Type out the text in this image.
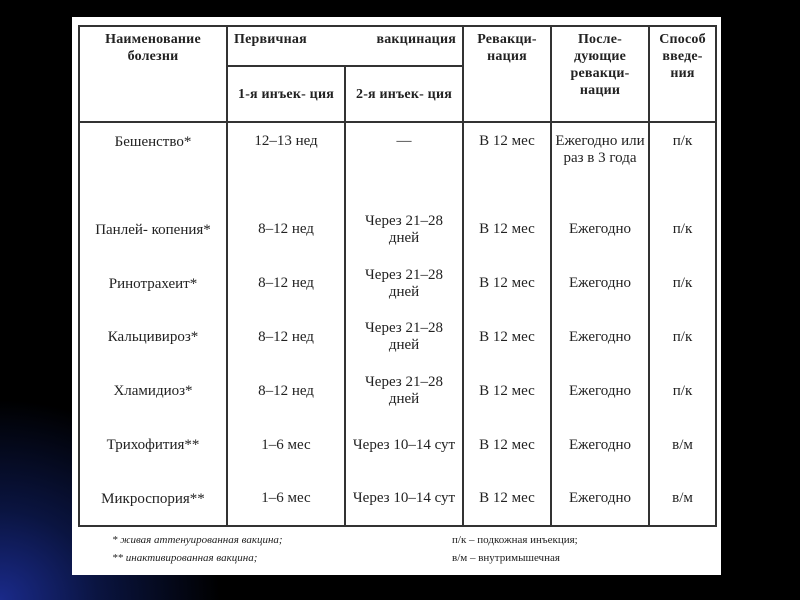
Наименование болезни	Первичная вакцинация		Ревакци- нация	После- дующие ревакци- нации	Способ введе- ния
	1-я инъек- ция	2-я инъек- ция			
Бешенство*	12–13 нед	—	В 12 мес	Ежегодно или раз в 3 года	п/к
Панлей- копения*	8–12 нед	Через 21–28 дней	В 12 мес	Ежегодно	п/к
Ринотрахеит*	8–12 нед	Через 21–28 дней	В 12 мес	Ежегодно	п/к
Кальцивироз*	8–12 нед	Через 21–28 дней	В 12 мес	Ежегодно	п/к
Хламидиоз*	8–12 нед	Через 21–28 дней	В 12 мес	Ежегодно	п/к
Трихофития**	1–6 мес	Через 10–14 сут	В 12 мес	Ежегодно	в/м
Микроспория**	1–6 мес	Через 10–14 сут	В 12 мес	Ежегодно	в/м
* живая аттенуированная вакцина;	п/к – подкожная инъекция;
** инактивированная вакцина;	в/м – внутримышечная
